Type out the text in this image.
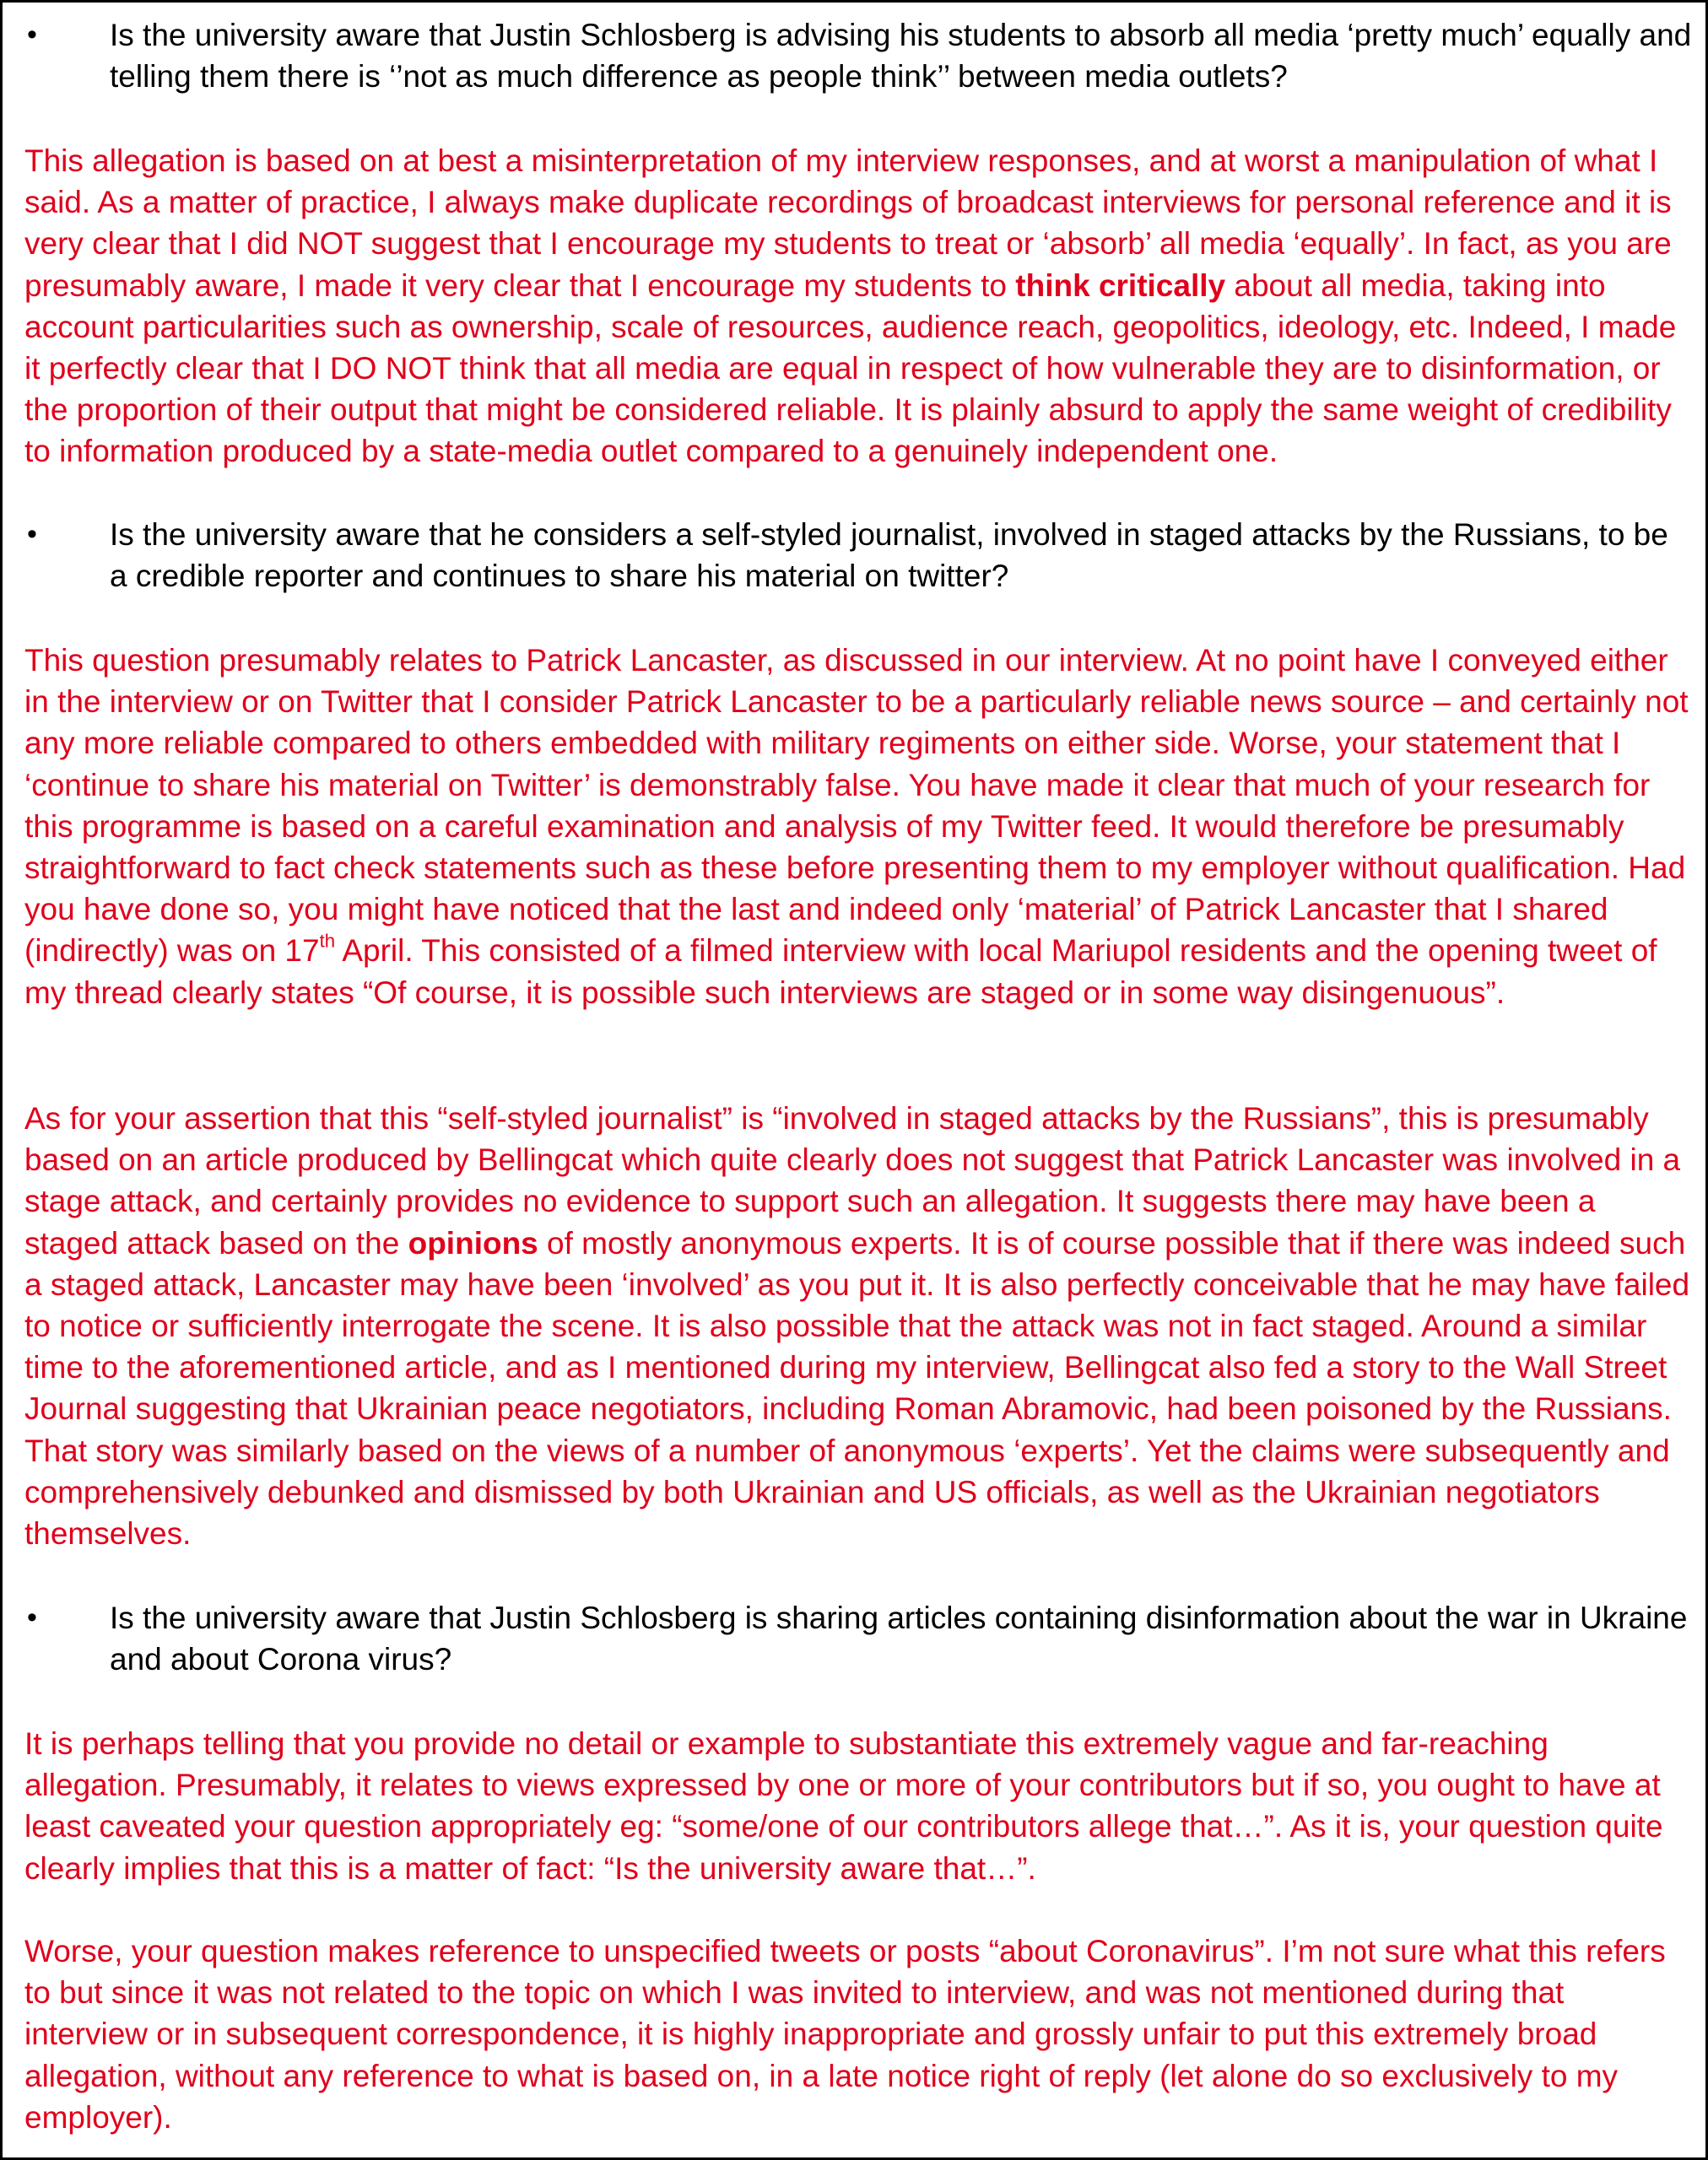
• Is the university aware that Justin Schlosberg is advising his students to absorb all media ‘pretty much’ equally and telling them there is ‘’not as much difference as people think’’ between media outlets?

This allegation is based on at best a misinterpretation of my interview responses, and at worst a manipulation of what I said. As a matter of practice, I always make duplicate recordings of broadcast interviews for personal reference and it is very clear that I did NOT suggest that I encourage my students to treat or ‘absorb’ all media ‘equally’. In fact, as you are presumably aware, I made it very clear that I encourage my students to think critically about all media, taking into account particularities such as ownership, scale of resources, audience reach, geopolitics, ideology, etc. Indeed, I made it perfectly clear that I DO NOT think that all media are equal in respect of how vulnerable they are to disinformation, or the proportion of their output that might be considered reliable. It is plainly absurd to apply the same weight of credibility to information produced by a state-media outlet compared to a genuinely independent one.

• Is the university aware that he considers a self-styled journalist, involved in staged attacks by the Russians, to be a credible reporter and continues to share his material on twitter?

This question presumably relates to Patrick Lancaster, as discussed in our interview. At no point have I conveyed either in the interview or on Twitter that I consider Patrick Lancaster to be a particularly reliable news source – and certainly not any more reliable compared to others embedded with military regiments on either side. Worse, your statement that I ‘continue to share his material on Twitter’ is demonstrably false. You have made it clear that much of your research for this programme is based on a careful examination and analysis of my Twitter feed. It would therefore be presumably straightforward to fact check statements such as these before presenting them to my employer without qualification. Had you have done so, you might have noticed that the last and indeed only ‘material’ of Patrick Lancaster that I shared (indirectly) was on 17th April. This consisted of a filmed interview with local Mariupol residents and the opening tweet of my thread clearly states “Of course, it is possible such interviews are staged or in some way disingenuous”.

As for your assertion that this “self-styled journalist” is “involved in staged attacks by the Russians”, this is presumably based on an article produced by Bellingcat which quite clearly does not suggest that Patrick Lancaster was involved in a stage attack, and certainly provides no evidence to support such an allegation. It suggests there may have been a staged attack based on the opinions of mostly anonymous experts. It is of course possible that if there was indeed such a staged attack, Lancaster may have been ‘involved’ as you put it. It is also perfectly conceivable that he may have failed to notice or sufficiently interrogate the scene. It is also possible that the attack was not in fact staged. Around a similar time to the aforementioned article, and as I mentioned during my interview, Bellingcat also fed a story to the Wall Street Journal suggesting that Ukrainian peace negotiators, including Roman Abramovic, had been poisoned by the Russians. That story was similarly based on the views of a number of anonymous ‘experts’. Yet the claims were subsequently and comprehensively debunked and dismissed by both Ukrainian and US officials, as well as the Ukrainian negotiators themselves.

• Is the university aware that Justin Schlosberg is sharing articles containing disinformation about the war in Ukraine and about Corona virus?

It is perhaps telling that you provide no detail or example to substantiate this extremely vague and far-reaching allegation. Presumably, it relates to views expressed by one or more of your contributors but if so, you ought to have at least caveated your question appropriately eg: “some/one of our contributors allege that…”. As it is, your question quite clearly implies that this is a matter of fact: “Is the university aware that…”.

Worse, your question makes reference to unspecified tweets or posts “about Coronavirus”. I’m not sure what this refers to but since it was not related to the topic on which I was invited to interview, and was not mentioned during that interview or in subsequent correspondence, it is highly inappropriate and grossly unfair to put this extremely broad allegation, without any reference to what is based on, in a late notice right of reply (let alone do so exclusively to my employer).
